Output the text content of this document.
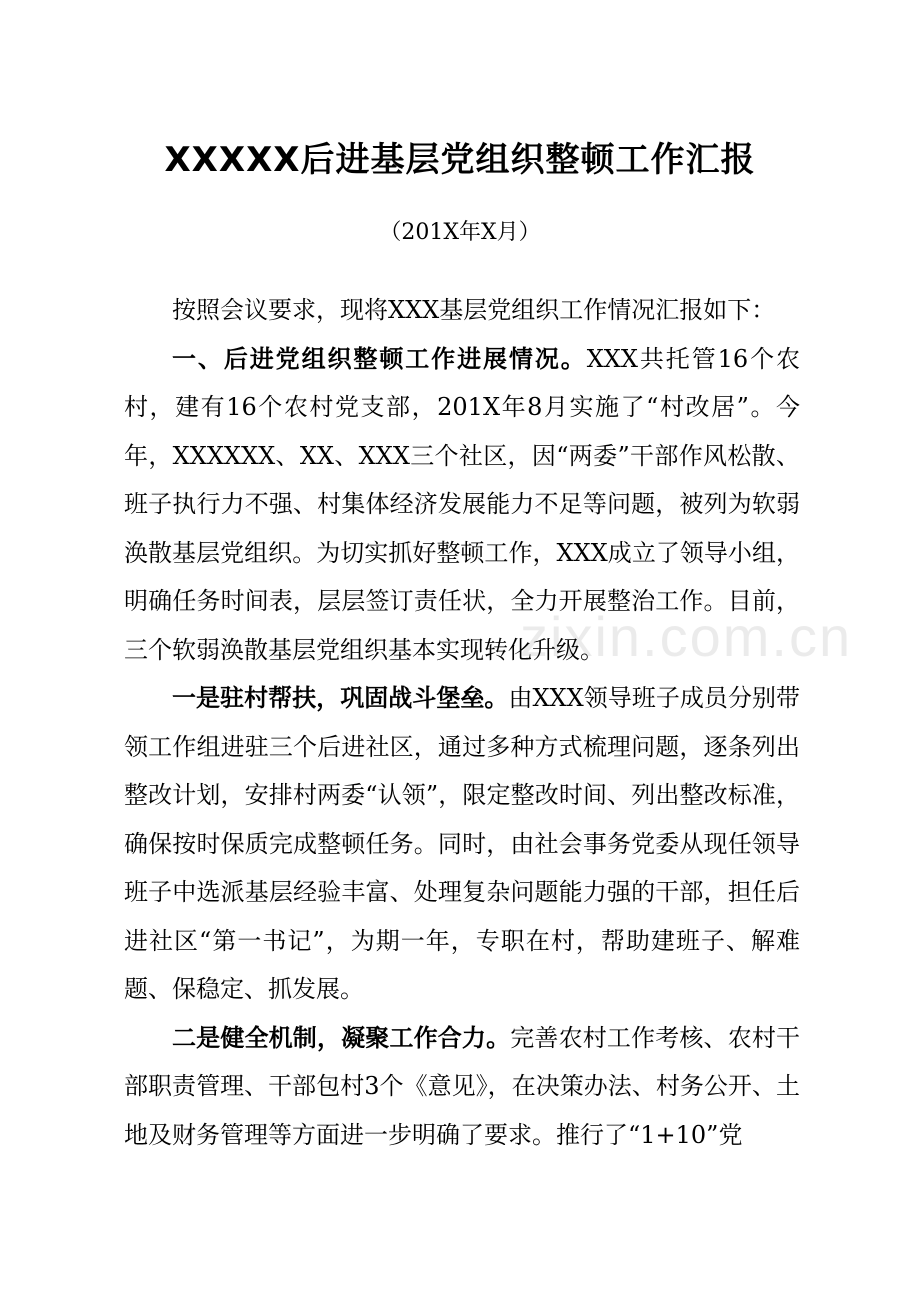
XXXXX后进基层党组织整顿工作汇报
（201X年X月）

按照会议要求，现将XXX基层党组织工作情况汇报如下：

一、后进党组织整顿工作进展情况。XXX共托管16个农村，建有16个农村党支部，201X年8月实施了“村改居”。今年，XXXXXX、XX、XXX三个社区，因“两委”干部作风松散、班子执行力不强、村集体经济发展能力不足等问题，被列为软弱涣散基层党组织。为切实抓好整顿工作，XXX成立了领导小组，明确任务时间表，层层签订责任状，全力开展整治工作。目前，三个软弱涣散基层党组织基本实现转化升级。

一是驻村帮扶，巩固战斗堡垒。由XXX领导班子成员分别带领工作组进驻三个后进社区，通过多种方式梳理问题，逐条列出整改计划，安排村两委“认领”，限定整改时间、列出整改标准，确保按时保质完成整顿任务。同时，由社会事务党委从现任领导班子中选派基层经验丰富、处理复杂问题能力强的干部，担任后进社区“第一书记”，为期一年，专职在村，帮助建班子、解难题、保稳定、抓发展。

二是健全机制，凝聚工作合力。完善农村工作考核、农村干部职责管理、干部包村3个《意见》，在决策办法、村务公开、土地及财务管理等方面进一步明确了要求。推行了“1+10”党

zixin.com.cn
